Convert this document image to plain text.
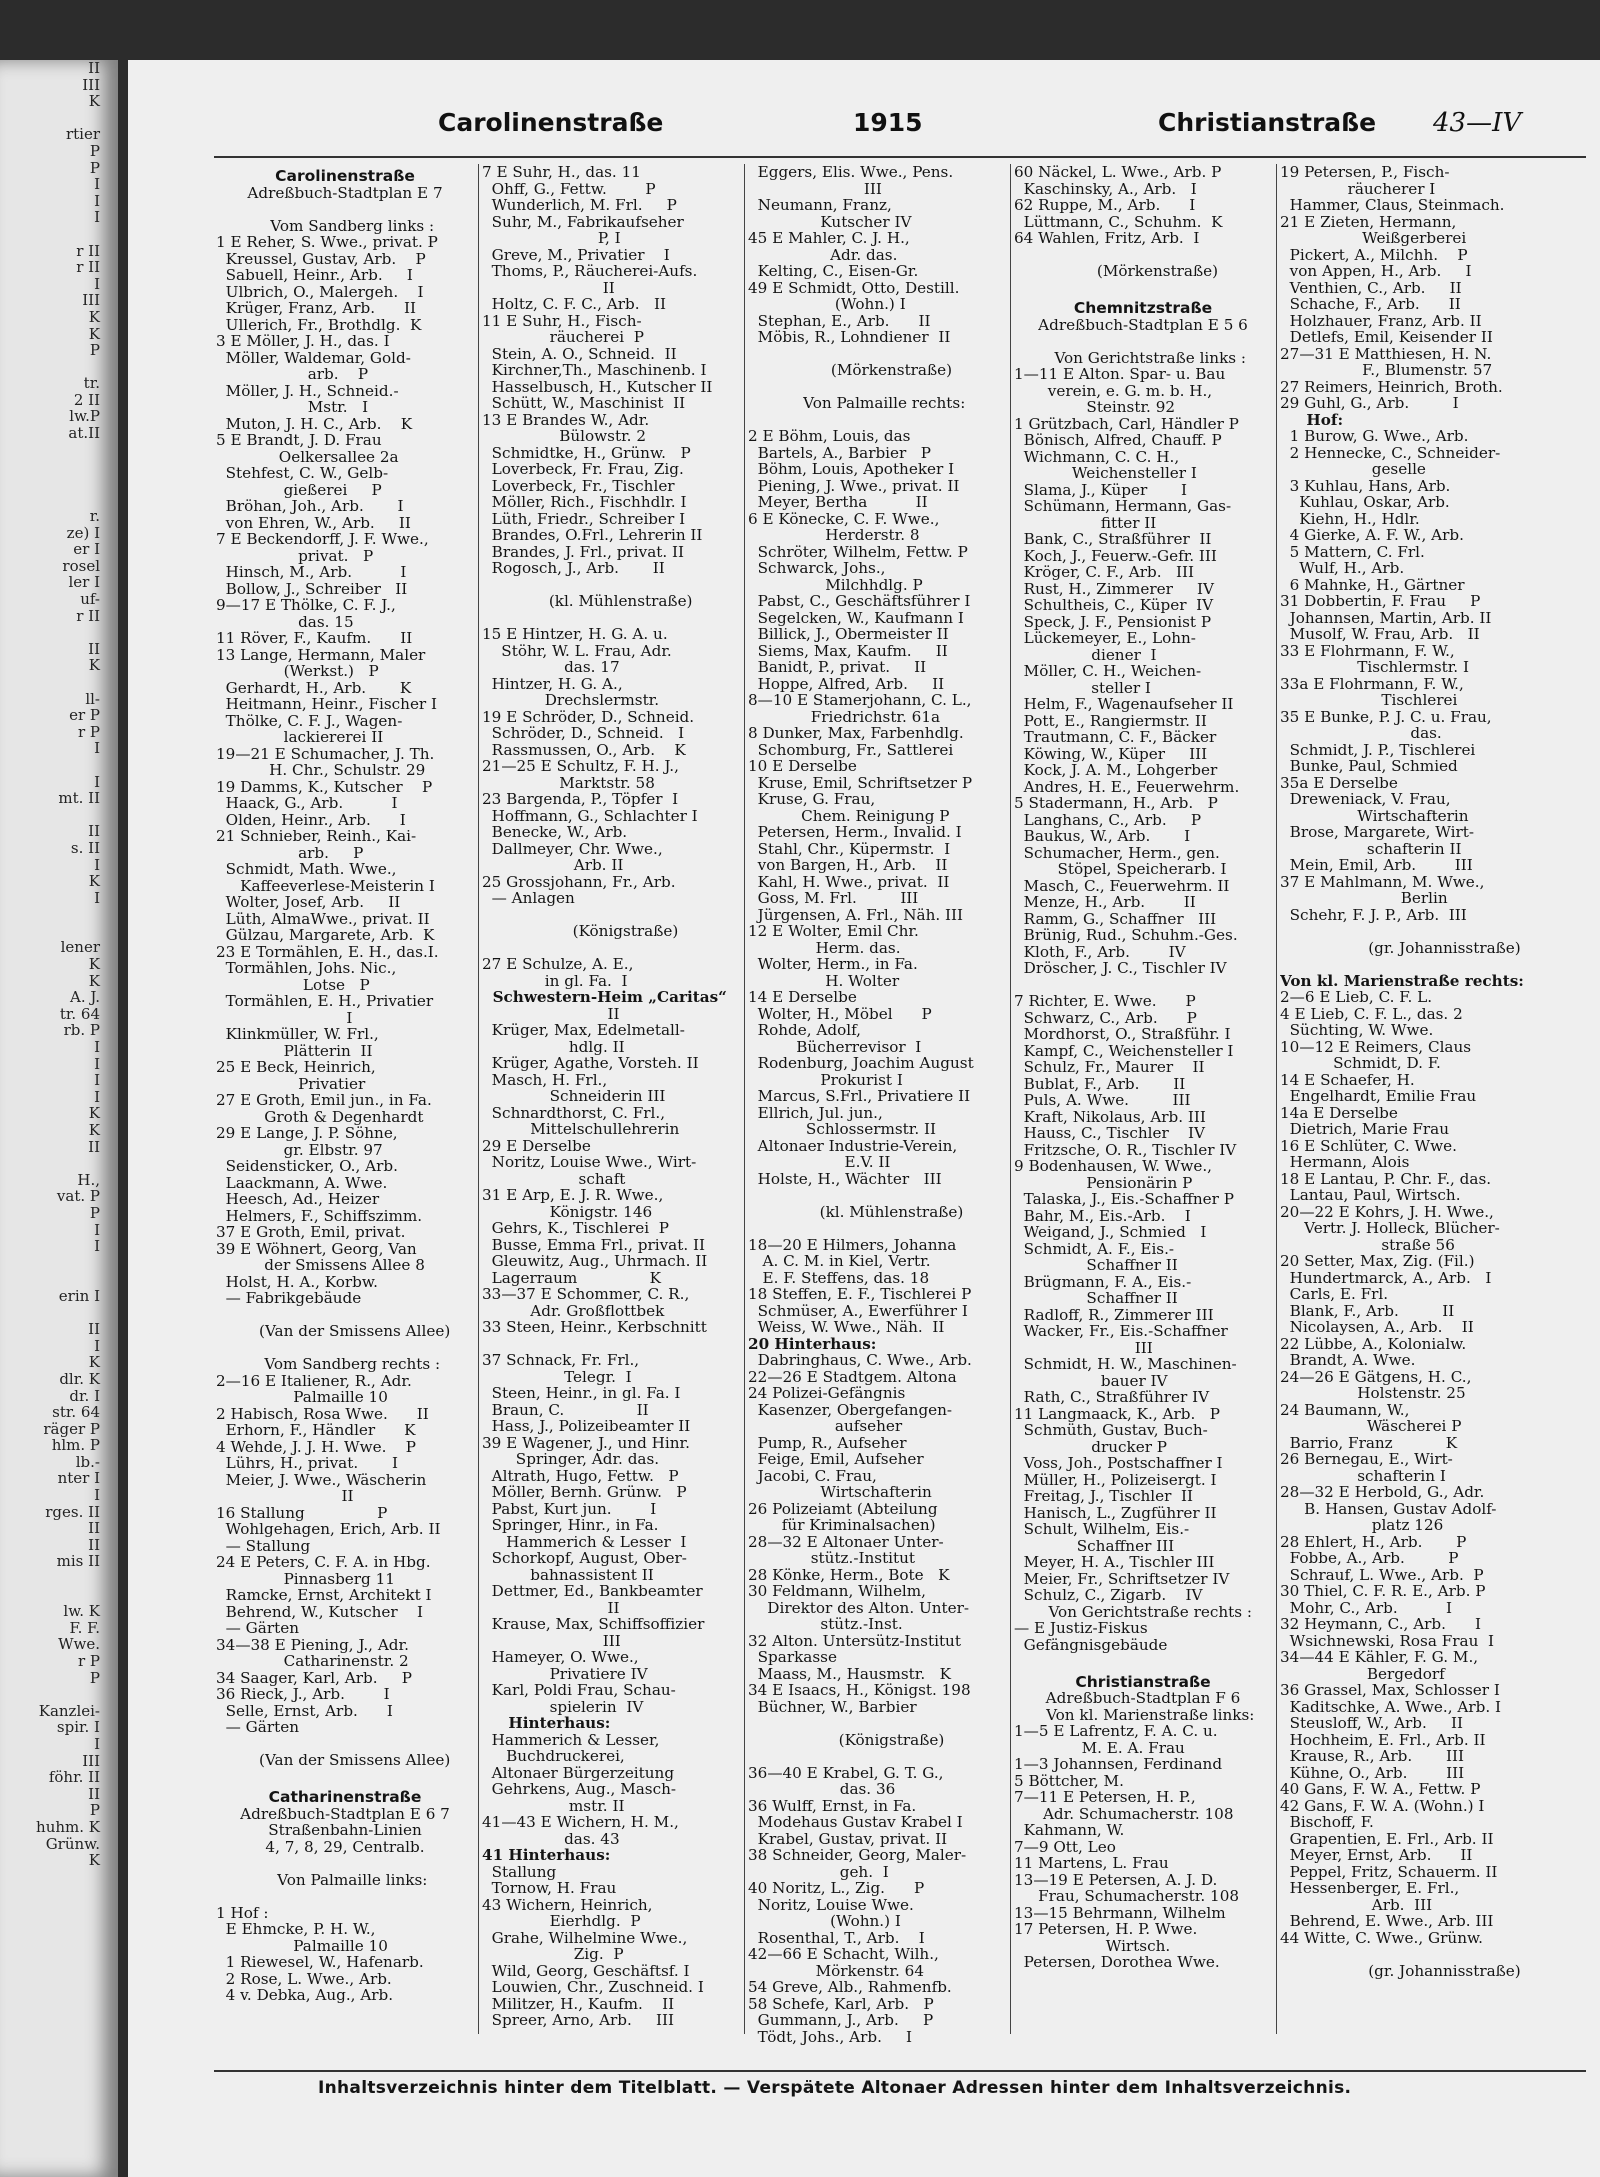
II
III
K

rtier
P
P
I
I
I

r II
r II
I
III
K
K
P

tr.
2 II
lw.P
at.II

r.
ze) I
er I
rosel
ler I
uf-
r II

II
K

ll-
er P
r P
I

I
mt. II

II
s. II
I
K
I

lener
K
K
A. J.
tr. 64
rb. P
I
I
I
I
K
K
II

H.,
vat. P
P
I
I

erin I

II
I
K
dlr. K
dr. I
str. 64
räger P
hlm. P
lb.-
nter I
I
rges. II
II
II
mis II

lw. K
F. F.
Wwe.
r P
P

Kanzlei-
spir. I
I
III
föhr. II
II
P
huhm. K
Grünw.
K
Carolinenstraße	1915	Christianstraße 43—IV
Carolinenstraße
Adreßbuch-Stadtplan E 7

Vom Sandberg links :
1 E Reher, S. Wwe., privat. P
Kreussel, Gustav, Arb.    P
Sabuell, Heinr., Arb.     I
Ulbrich, O., Malergeh.    I
Krüger, Franz, Arb.      II
Ullerich, Fr., Brothdlg.  K
3 E Möller, J. H., das. I
Möller, Waldemar, Gold-
arb.    P
Möller, J. H., Schneid.-
Mstr.   I
Muton, J. H. C., Arb.    K
5 E Brandt, J. D. Frau
Oelkersallee 2a
Stehfest, C. W., Gelb-
gießerei     P
Bröhan, Joh., Arb.       I
von Ehren, W., Arb.     II
7 E Beckendorff, J. F. Wwe.,
privat.   P
Hinsch, M., Arb.          I
Bollow, J., Schreiber   II
9—17 E Thölke, C. F. J.,
das. 15
11 Röver, F., Kaufm.      II
13 Lange, Hermann, Maler
(Werkst.)   P
Gerhardt, H., Arb.       K
Heitmann, Heinr., Fischer I
Thölke, C. F. J., Wagen-
lackiererei II
19—21 E Schumacher, J. Th.
H. Chr., Schulstr. 29
19 Damms, K., Kutscher    P
Haack, G., Arb.          I
Olden, Heinr., Arb.      I
21 Schnieber, Reinh., Kai-
arb.     P
Schmidt, Math. Wwe.,
Kaffeeverlese-Meisterin I
Wolter, Josef, Arb.     II
Lüth, AlmaWwe., privat. II
Gülzau, Margarete, Arb.  K
23 E Tormählen, E. H., das.I.
Tormählen, Johs. Nic.,
Lotse   P
Tormählen, E. H., Privatier
I
Klinkmüller, W. Frl.,
Plätterin  II
25 E Beck, Heinrich,
Privatier
27 E Groth, Emil jun., in Fa.
Groth & Degenhardt
29 E Lange, J. P. Söhne,
gr. Elbstr. 97
Seidensticker, O., Arb.
Laackmann, A. Wwe.
Heesch, Ad., Heizer
Helmers, F., Schiffszimm.
37 E Groth, Emil, privat.
39 E Wöhnert, Georg, Van
der Smissens Allee 8
Holst, H. A., Korbw.
— Fabrikgebäude

(Van der Smissens Allee)

Vom Sandberg rechts :
2—16 E Italiener, R., Adr.
Palmaille 10
2 Habisch, Rosa Wwe.      II
Erhorn, F., Händler      K
4 Wehde, J. J. H. Wwe.    P
Lührs, H., privat.       I
Meier, J. Wwe., Wäscherin
II
16 Stallung               P
Wohlgehagen, Erich, Arb. II
— Stallung
24 E Peters, C. F. A. in Hbg.
Pinnasberg 11
Ramcke, Ernst, Architekt I
Behrend, W., Kutscher    I
— Gärten
34—38 E Piening, J., Adr.
Catharinenstr. 2
34 Saager, Karl, Arb.     P
36 Rieck, J., Arb.        I
Selle, Ernst, Arb.      I
— Gärten

(Van der Smissens Allee)

Catharinenstraße
Adreßbuch-Stadtplan E 6 7
Straßenbahn-Linien
4, 7, 8, 29, Centralb.

Von Palmaille links:

1 Hof :
E Ehmcke, P. H. W.,
Palmaille 10
1 Riewesel, W., Hafenarb.
2 Rose, L. Wwe., Arb.
4 v. Debka, Aug., Arb.
7 E Suhr, H., das. 11
Ohff, G., Fettw.        P
Wunderlich, M. Frl.     P
Suhr, M., Fabrikaufseher
P, I
Greve, M., Privatier    I
Thoms, P., Räucherei-Aufs.
II
Holtz, C. F. C., Arb.   II
11 E Suhr, H., Fisch-
räucherei  P
Stein, A. O., Schneid.  II
Kirchner,Th., Maschinenb. I
Hasselbusch, H., Kutscher II
Schütt, W., Maschinist  II
13 E Brandes W., Adr.
Bülowstr. 2
Schmidtke, H., Grünw.   P
Loverbeck, Fr. Frau, Zig.
Loverbeck, Fr., Tischler
Möller, Rich., Fischhdlr. I
Lüth, Friedr., Schreiber I
Brandes, O.Frl., Lehrerin II
Brandes, J. Frl., privat. II
Rogosch, J., Arb.       II

(kl. Mühlenstraße)

15 E Hintzer, H. G. A. u.
Stöhr, W. L. Frau, Adr.
das. 17
Hintzer, H. G. A.,
Drechslermstr.
19 E Schröder, D., Schneid.
Schröder, D., Schneid.   I
Rassmussen, O., Arb.    K
21—25 E Schultz, F. H. J.,
Marktstr. 58
23 Bargenda, P., Töpfer  I
Hoffmann, G., Schlachter I
Benecke, W., Arb.
Dallmeyer, Chr. Wwe.,
Arb. II
25 Grossjohann, Fr., Arb.
— Anlagen

(Königstraße)

27 E Schulze, A. E.,
in gl. Fa.  I
Schwestern-Heim „Caritas“
II
Krüger, Max, Edelmetall-
hdlg. II
Krüger, Agathe, Vorsteh. II
Masch, H. Frl.,
Schneiderin III
Schnardthorst, C. Frl.,
Mittelschullehrerin
29 E Derselbe
Noritz, Louise Wwe., Wirt-
schaft
31 E Arp, E. J. R. Wwe.,
Königstr. 146
Gehrs, K., Tischlerei  P
Busse, Emma Frl., privat. II
Gleuwitz, Aug., Uhrmach. II
Lagerraum               K
33—37 E Schommer, C. R.,
Adr. Großflottbek
33 Steen, Heinr., Kerbschnitt

37 Schnack, Fr. Frl.,
Telegr.  I
Steen, Heinr., in gl. Fa. I
Braun, C.               II
Hass, J., Polizeibeamter II
39 E Wagener, J., und Hinr.
Springer, Adr. das.
Altrath, Hugo, Fettw.   P
Möller, Bernh. Grünw.   P
Pabst, Kurt jun.        I
Springer, Hinr., in Fa.
Hammerich & Lesser  I
Schorkopf, August, Ober-
bahnassistent II
Dettmer, Ed., Bankbeamter
II
Krause, Max, Schiffsoffizier
III
Hameyer, O. Wwe.,
Privatiere IV
Karl, Poldi Frau, Schau-
spielerin  IV
Hinterhaus:
Hammerich & Lesser,
Buchdruckerei,
Altonaer Bürgerzeitung
Gehrkens, Aug., Masch-
mstr. II
41—43 E Wichern, H. M.,
das. 43
41 Hinterhaus:
Stallung
Tornow, H. Frau
43 Wichern, Heinrich,
Eierhdlg.  P
Grahe, Wilhelmine Wwe.,
Zig.  P
Wild, Georg, Geschäftsf. I
Louwien, Chr., Zuschneid. I
Militzer, H., Kaufm.    II
Spreer, Arno, Arb.     III
Eggers, Elis. Wwe., Pens.
III
Neumann, Franz,
Kutscher IV
45 E Mahler, C. J. H.,
Adr. das.
Kelting, C., Eisen-Gr.
49 E Schmidt, Otto, Destill.
(Wohn.) I
Stephan, E., Arb.      II
Möbis, R., Lohndiener  II

(Mörkenstraße)

Von Palmaille rechts:

2 E Böhm, Louis, das
Bartels, A., Barbier   P
Böhm, Louis, Apotheker I
Piening, J. Wwe., privat. II
Meyer, Bertha          II
6 E Könecke, C. F. Wwe.,
Herderstr. 8
Schröter, Wilhelm, Fettw. P
Schwarck, Johs.,
Milchhdlg. P
Pabst, C., Geschäftsführer I
Segelcken, W., Kaufmann I
Billick, J., Obermeister II
Siems, Max, Kaufm.     II
Banidt, P., privat.     II
Hoppe, Alfred, Arb.     II
8—10 E Stamerjohann, C. L.,
Friedrichstr. 61a
8 Dunker, Max, Farbenhdlg.
Schomburg, Fr., Sattlerei
10 E Derselbe
Kruse, Emil, Schriftsetzer P
Kruse, G. Frau,
Chem. Reinigung P
Petersen, Herm., Invalid. I
Stahl, Chr., Küpermstr.  I
von Bargen, H., Arb.    II
Kahl, H. Wwe., privat.  II
Goss, M. Frl.         III
Jürgensen, A. Frl., Näh. III
12 E Wolter, Emil Chr.
Herm. das.
Wolter, Herm., in Fa.
H. Wolter
14 E Derselbe
Wolter, H., Möbel      P
Rohde, Adolf,
Bücherrevisor  I
Rodenburg, Joachim August
Prokurist I
Marcus, S.Frl., Privatiere II
Ellrich, Jul. jun.,
Schlossermstr. II
Altonaer Industrie-Verein,
E.V. II
Holste, H., Wächter   III

(kl. Mühlenstraße)

18—20 E Hilmers, Johanna
A. C. M. in Kiel, Vertr.
E. F. Steffens, das. 18
18 Steffen, E. F., Tischlerei P
Schmüser, A., Ewerführer I
Weiss, W. Wwe., Näh.  II
20 Hinterhaus:
Dabringhaus, C. Wwe., Arb.
22—26 E Stadtgem. Altona
24 Polizei-Gefängnis
Kasenzer, Obergefangen-
aufseher
Pump, R., Aufseher
Feige, Emil, Aufseher
Jacobi, C. Frau,
Wirtschafterin
26 Polizeiamt (Abteilung
für Kriminalsachen)
28—32 E Altonaer Unter-
stütz.-Institut
28 Könke, Herm., Bote   K
30 Feldmann, Wilhelm,
Direktor des Alton. Unter-
stütz.-Inst.
32 Alton. Untersütz-Institut
Sparkasse
Maass, M., Hausmstr.   K
34 E Isaacs, H., Königst. 198
Büchner, W., Barbier

(Königstraße)

36—40 E Krabel, G. T. G.,
das. 36
36 Wulff, Ernst, in Fa.
Modehaus Gustav Krabel I
Krabel, Gustav, privat. II
38 Schneider, Georg, Maler-
geh.  I
40 Noritz, L., Zig.      P
Noritz, Louise Wwe.
(Wohn.) I
Rosenthal, T., Arb.    I
42—66 E Schacht, Wilh.,
Mörkenstr. 64
54 Greve, Alb., Rahmenfb.
58 Schefe, Karl, Arb.   P
Gummann, J., Arb.     P
Tödt, Johs., Arb.     I
60 Näckel, L. Wwe., Arb. P
Kaschinsky, A., Arb.   I
62 Ruppe, M., Arb.      I
Lüttmann, C., Schuhm.  K
64 Wahlen, Fritz, Arb.  I

(Mörkenstraße)

Chemnitzstraße
Adreßbuch-Stadtplan E 5 6

Von Gerichtstraße links :
1—11 E Alton. Spar- u. Bau
verein, e. G. m. b. H.,
Steinstr. 92
1 Grützbach, Carl, Händler P
Bönisch, Alfred, Chauff. P
Wichmann, C. C. H.,
Weichensteller I
Slama, J., Küper       I
Schümann, Hermann, Gas-
fitter II
Bank, C., Straßführer  II
Koch, J., Feuerw.-Gefr. III
Kröger, C. F., Arb.   III
Rust, H., Zimmerer     IV
Schultheis, C., Küper  IV
Speck, J. F., Pensionist P
Lückemeyer, E., Lohn-
diener  I
Möller, C. H., Weichen-
steller I
Helm, F., Wagenaufseher II
Pott, E., Rangiermstr. II
Trautmann, C. F., Bäcker
Köwing, W., Küper     III
Kock, J. A. M., Lohgerber
Andres, H. E., Feuerwehrm.
5 Stadermann, H., Arb.   P
Langhans, C., Arb.     P
Baukus, W., Arb.       I
Schumacher, Herm., gen.
Stöpel, Speicherarb. I
Masch, C., Feuerwehrm. II
Menze, H., Arb.        II
Ramm, G., Schaffner   III
Brünig, Rud., Schuhm.-Ges.
Kloth, F., Arb.        IV
Dröscher, J. C., Tischler IV

7 Richter, E. Wwe.      P
Schwarz, C., Arb.      P
Mordhorst, O., Straßführ. I
Kampf, C., Weichensteller I
Schulz, Fr., Maurer    II
Bublat, F., Arb.       II
Puls, A. Wwe.         III
Kraft, Nikolaus, Arb. III
Hauss, C., Tischler    IV
Fritzsche, O. R., Tischler IV
9 Bodenhausen, W. Wwe.,
Pensionärin P
Talaska, J., Eis.-Schaffner P
Bahr, M., Eis.-Arb.    I
Weigand, J., Schmied   I
Schmidt, A. F., Eis.-
Schaffner II
Brügmann, F. A., Eis.-
Schaffner II
Radloff, R., Zimmerer III
Wacker, Fr., Eis.-Schaffner
III
Schmidt, H. W., Maschinen-
bauer IV
Rath, C., Straßführer IV
11 Langmaack, K., Arb.   P
Schmüth, Gustav, Buch-
drucker P
Voss, Joh., Postschaffner I
Müller, H., Polizeisergt. I
Freitag, J., Tischler  II
Hanisch, L., Zugführer II
Schult, Wilhelm, Eis.-
Schaffner III
Meyer, H. A., Tischler III
Meier, Fr., Schriftsetzer IV
Schulz, C., Zigarb.    IV
Von Gerichtstraße rechts :
— E Justiz-Fiskus
Gefängnisgebäude

Christianstraße
Adreßbuch-Stadtplan F 6
Von kl. Marienstraße links:
1—5 E Lafrentz, F. A. C. u.
M. E. A. Frau
1—3 Johannsen, Ferdinand
5 Böttcher, M.
7—11 E Petersen, H. P.,
Adr. Schumacherstr. 108
Kahmann, W.
7—9 Ott, Leo
11 Martens, L. Frau
13—19 E Petersen, A. J. D.
Frau, Schumacherstr. 108
13—15 Behrmann, Wilhelm
17 Petersen, H. P. Wwe.
Wirtsch.
Petersen, Dorothea Wwe.
19 Petersen, P., Fisch-
räucherer I
Hammer, Claus, Steinmach.
21 E Zieten, Hermann,
Weißgerberei
Pickert, A., Milchh.    P
von Appen, H., Arb.     I
Venthien, C., Arb.     II
Schache, F., Arb.      II
Holzhauer, Franz, Arb. II
Detlefs, Emil, Keisender II
27—31 E Matthiesen, H. N.
F., Blumenstr. 57
27 Reimers, Heinrich, Broth.
29 Guhl, G., Arb.         I
Hof:
1 Burow, G. Wwe., Arb.
2 Hennecke, C., Schneider-
geselle
3 Kuhlau, Hans, Arb.
Kuhlau, Oskar, Arb.
Kiehn, H., Hdlr.
4 Gierke, A. F. W., Arb.
5 Mattern, C. Frl.
Wulf, H., Arb.
6 Mahnke, H., Gärtner
31 Dobbertin, F. Frau     P
Johannsen, Martin, Arb. II
Musolf, W. Frau, Arb.   II
33 E Flohrmann, F. W.,
Tischlermstr. I
33a E Flohrmann, F. W.,
Tischlerei
35 E Bunke, P. J. C. u. Frau,
das.
Schmidt, J. P., Tischlerei
Bunke, Paul, Schmied
35a E Derselbe
Dreweniack, V. Frau,
Wirtschafterin
Brose, Margarete, Wirt-
schafterin II
Mein, Emil, Arb.        III
37 E Mahlmann, M. Wwe.,
Berlin
Schehr, F. J. P., Arb.  III

(gr. Johannisstraße)

Von kl. Marienstraße rechts:
2—6 E Lieb, C. F. L.
4 E Lieb, C. F. L., das. 2
Süchting, W. Wwe.
10—12 E Reimers, Claus
Schmidt, D. F.
14 E Schaefer, H.
Engelhardt, Emilie Frau
14a E Derselbe
Dietrich, Marie Frau
16 E Schlüter, C. Wwe.
Hermann, Alois
18 E Lantau, P. Chr. F., das.
Lantau, Paul, Wirtsch.
20—22 E Kohrs, J. H. Wwe.,
Vertr. J. Holleck, Blücher-
straße 56
20 Setter, Max, Zig. (Fil.)
Hundertmarck, A., Arb.   I
Carls, E. Frl.
Blank, F., Arb.         II
Nicolaysen, A., Arb.    II
22 Lübbe, A., Kolonialw.
Brandt, A. Wwe.
24—26 E Gätgens, H. C.,
Holstenstr. 25
24 Baumann, W.,
Wäscherei P
Barrio, Franz           K
26 Bernegau, E., Wirt-
schafterin I
28—32 E Herbold, G., Adr.
B. Hansen, Gustav Adolf-
platz 126
28 Ehlert, H., Arb.       P
Fobbe, A., Arb.         P
Schrauf, L. Wwe., Arb.  P
30 Thiel, C. F. R. E., Arb. P
Mohr, C., Arb.          I
32 Heymann, C., Arb.      I
Wsichnewski, Rosa Frau  I
34—44 E Kähler, F. G. M.,
Bergedorf
36 Grassel, Max, Schlosser I
Kaditschke, A. Wwe., Arb. I
Steusloff, W., Arb.     II
Hochheim, E. Frl., Arb. II
Krause, R., Arb.       III
Kühne, O., Arb.        III
40 Gans, F. W. A., Fettw. P
42 Gans, F. W. A. (Wohn.) I
Bischoff, F.
Grapentien, E. Frl., Arb. II
Meyer, Ernst, Arb.      II
Peppel, Fritz, Schauerm. II
Hessenberger, E. Frl.,
Arb.  III
Behrend, E. Wwe., Arb. III
44 Witte, C. Wwe., Grünw.

(gr. Johannisstraße)
Inhaltsverzeichnis hinter dem Titelblatt. — Verspätete Altonaer Adressen hinter dem Inhaltsverzeichnis.
